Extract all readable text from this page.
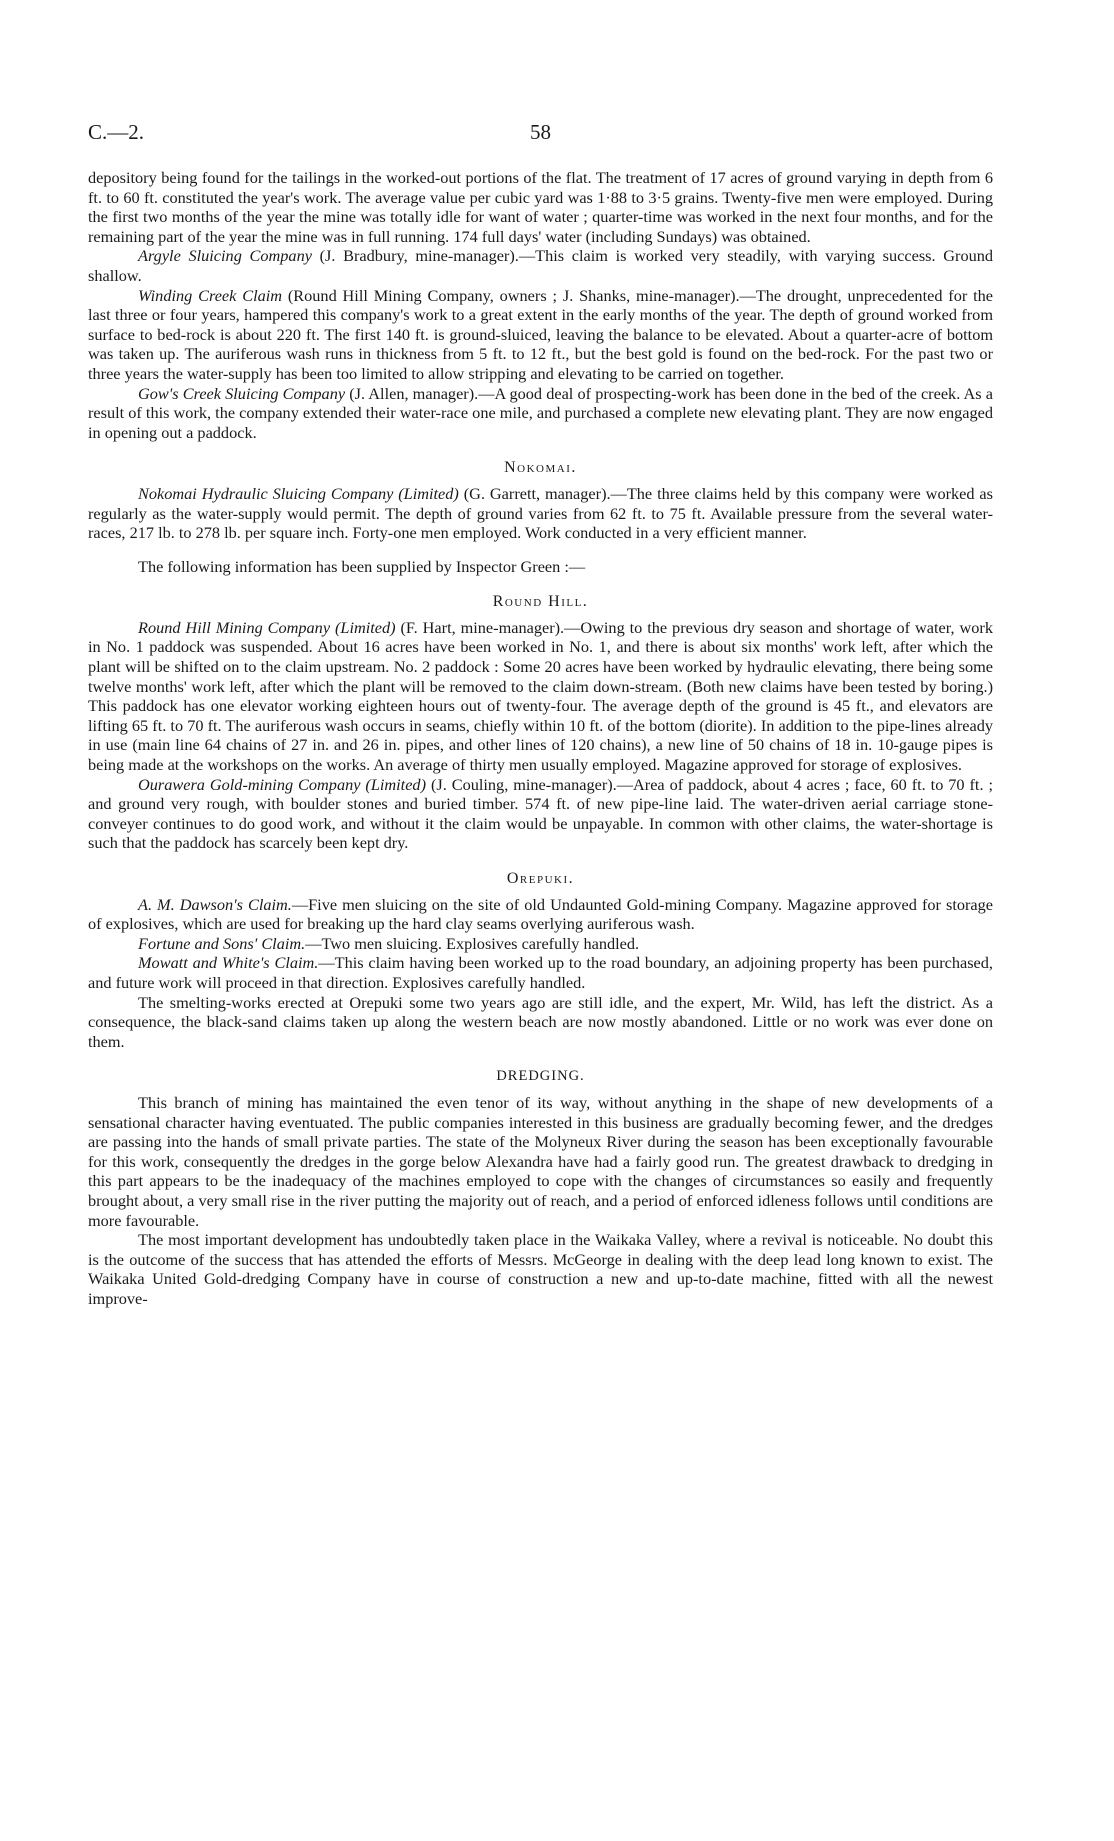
C.—2.	58

depository being found for the tailings in the worked-out portions of the flat. The treatment of 17 acres of ground varying in depth from 6 ft. to 60 ft. constituted the year's work. The average value per cubic yard was 1·88 to 3·5 grains. Twenty-five men were employed. During the first two months of the year the mine was totally idle for want of water ; quarter-time was worked in the next four months, and for the remaining part of the year the mine was in full running. 174 full days' water (including Sundays) was obtained.

Argyle Sluicing Company (J. Bradbury, mine-manager).—This claim is worked very steadily, with varying success. Ground shallow.

Winding Creek Claim (Round Hill Mining Company, owners ; J. Shanks, mine-manager).—The drought, unprecedented for the last three or four years, hampered this company's work to a great extent in the early months of the year. The depth of ground worked from surface to bed-rock is about 220 ft. The first 140 ft. is ground-sluiced, leaving the balance to be elevated. About a quarter-acre of bottom was taken up. The auriferous wash runs in thickness from 5 ft. to 12 ft., but the best gold is found on the bed-rock. For the past two or three years the water-supply has been too limited to allow stripping and elevating to be carried on together.

Gow's Creek Sluicing Company (J. Allen, manager).—A good deal of prospecting-work has been done in the bed of the creek. As a result of this work, the company extended their water-race one mile, and purchased a complete new elevating plant. They are now engaged in opening out a paddock.

Nokomai.

Nokomai Hydraulic Sluicing Company (Limited) (G. Garrett, manager).—The three claims held by this company were worked as regularly as the water-supply would permit. The depth of ground varies from 62 ft. to 75 ft. Available pressure from the several water-races, 217 lb. to 278 lb. per square inch. Forty-one men employed. Work conducted in a very efficient manner.

The following information has been supplied by Inspector Green :—

Round Hill.

Round Hill Mining Company (Limited) (F. Hart, mine-manager).—Owing to the previous dry season and shortage of water, work in No. 1 paddock was suspended. About 16 acres have been worked in No. 1, and there is about six months' work left, after which the plant will be shifted on to the claim upstream. No. 2 paddock : Some 20 acres have been worked by hydraulic elevating, there being some twelve months' work left, after which the plant will be removed to the claim down-stream. (Both new claims have been tested by boring.) This paddock has one elevator working eighteen hours out of twenty-four. The average depth of the ground is 45 ft., and elevators are lifting 65 ft. to 70 ft. The auriferous wash occurs in seams, chiefly within 10 ft. of the bottom (diorite). In addition to the pipe-lines already in use (main line 64 chains of 27 in. and 26 in. pipes, and other lines of 120 chains), a new line of 50 chains of 18 in. 10-gauge pipes is being made at the workshops on the works. An average of thirty men usually employed. Magazine approved for storage of explosives.

Ourawera Gold-mining Company (Limited) (J. Couling, mine-manager).—Area of paddock, about 4 acres ; face, 60 ft. to 70 ft. ; and ground very rough, with boulder stones and buried timber. 574 ft. of new pipe-line laid. The water-driven aerial carriage stone-conveyer continues to do good work, and without it the claim would be unpayable. In common with other claims, the water-shortage is such that the paddock has scarcely been kept dry.

Orepuki.

A. M. Dawson's Claim.—Five men sluicing on the site of old Undaunted Gold-mining Company. Magazine approved for storage of explosives, which are used for breaking up the hard clay seams overlying auriferous wash.

Fortune and Sons' Claim.—Two men sluicing. Explosives carefully handled.

Mowatt and White's Claim.—This claim having been worked up to the road boundary, an adjoining property has been purchased, and future work will proceed in that direction. Explosives carefully handled.

The smelting-works erected at Orepuki some two years ago are still idle, and the expert, Mr. Wild, has left the district. As a consequence, the black-sand claims taken up along the western beach are now mostly abandoned. Little or no work was ever done on them.

DREDGING.

This branch of mining has maintained the even tenor of its way, without anything in the shape of new developments of a sensational character having eventuated. The public companies interested in this business are gradually becoming fewer, and the dredges are passing into the hands of small private parties. The state of the Molyneux River during the season has been exceptionally favourable for this work, consequently the dredges in the gorge below Alexandra have had a fairly good run. The greatest drawback to dredging in this part appears to be the inadequacy of the machines employed to cope with the changes of circumstances so easily and frequently brought about, a very small rise in the river putting the majority out of reach, and a period of enforced idleness follows until conditions are more favourable.

The most important development has undoubtedly taken place in the Waikaka Valley, where a revival is noticeable. No doubt this is the outcome of the success that has attended the efforts of Messrs. McGeorge in dealing with the deep lead long known to exist. The Waikaka United Gold-dredging Company have in course of construction a new and up-to-date machine, fitted with all the newest improve-
